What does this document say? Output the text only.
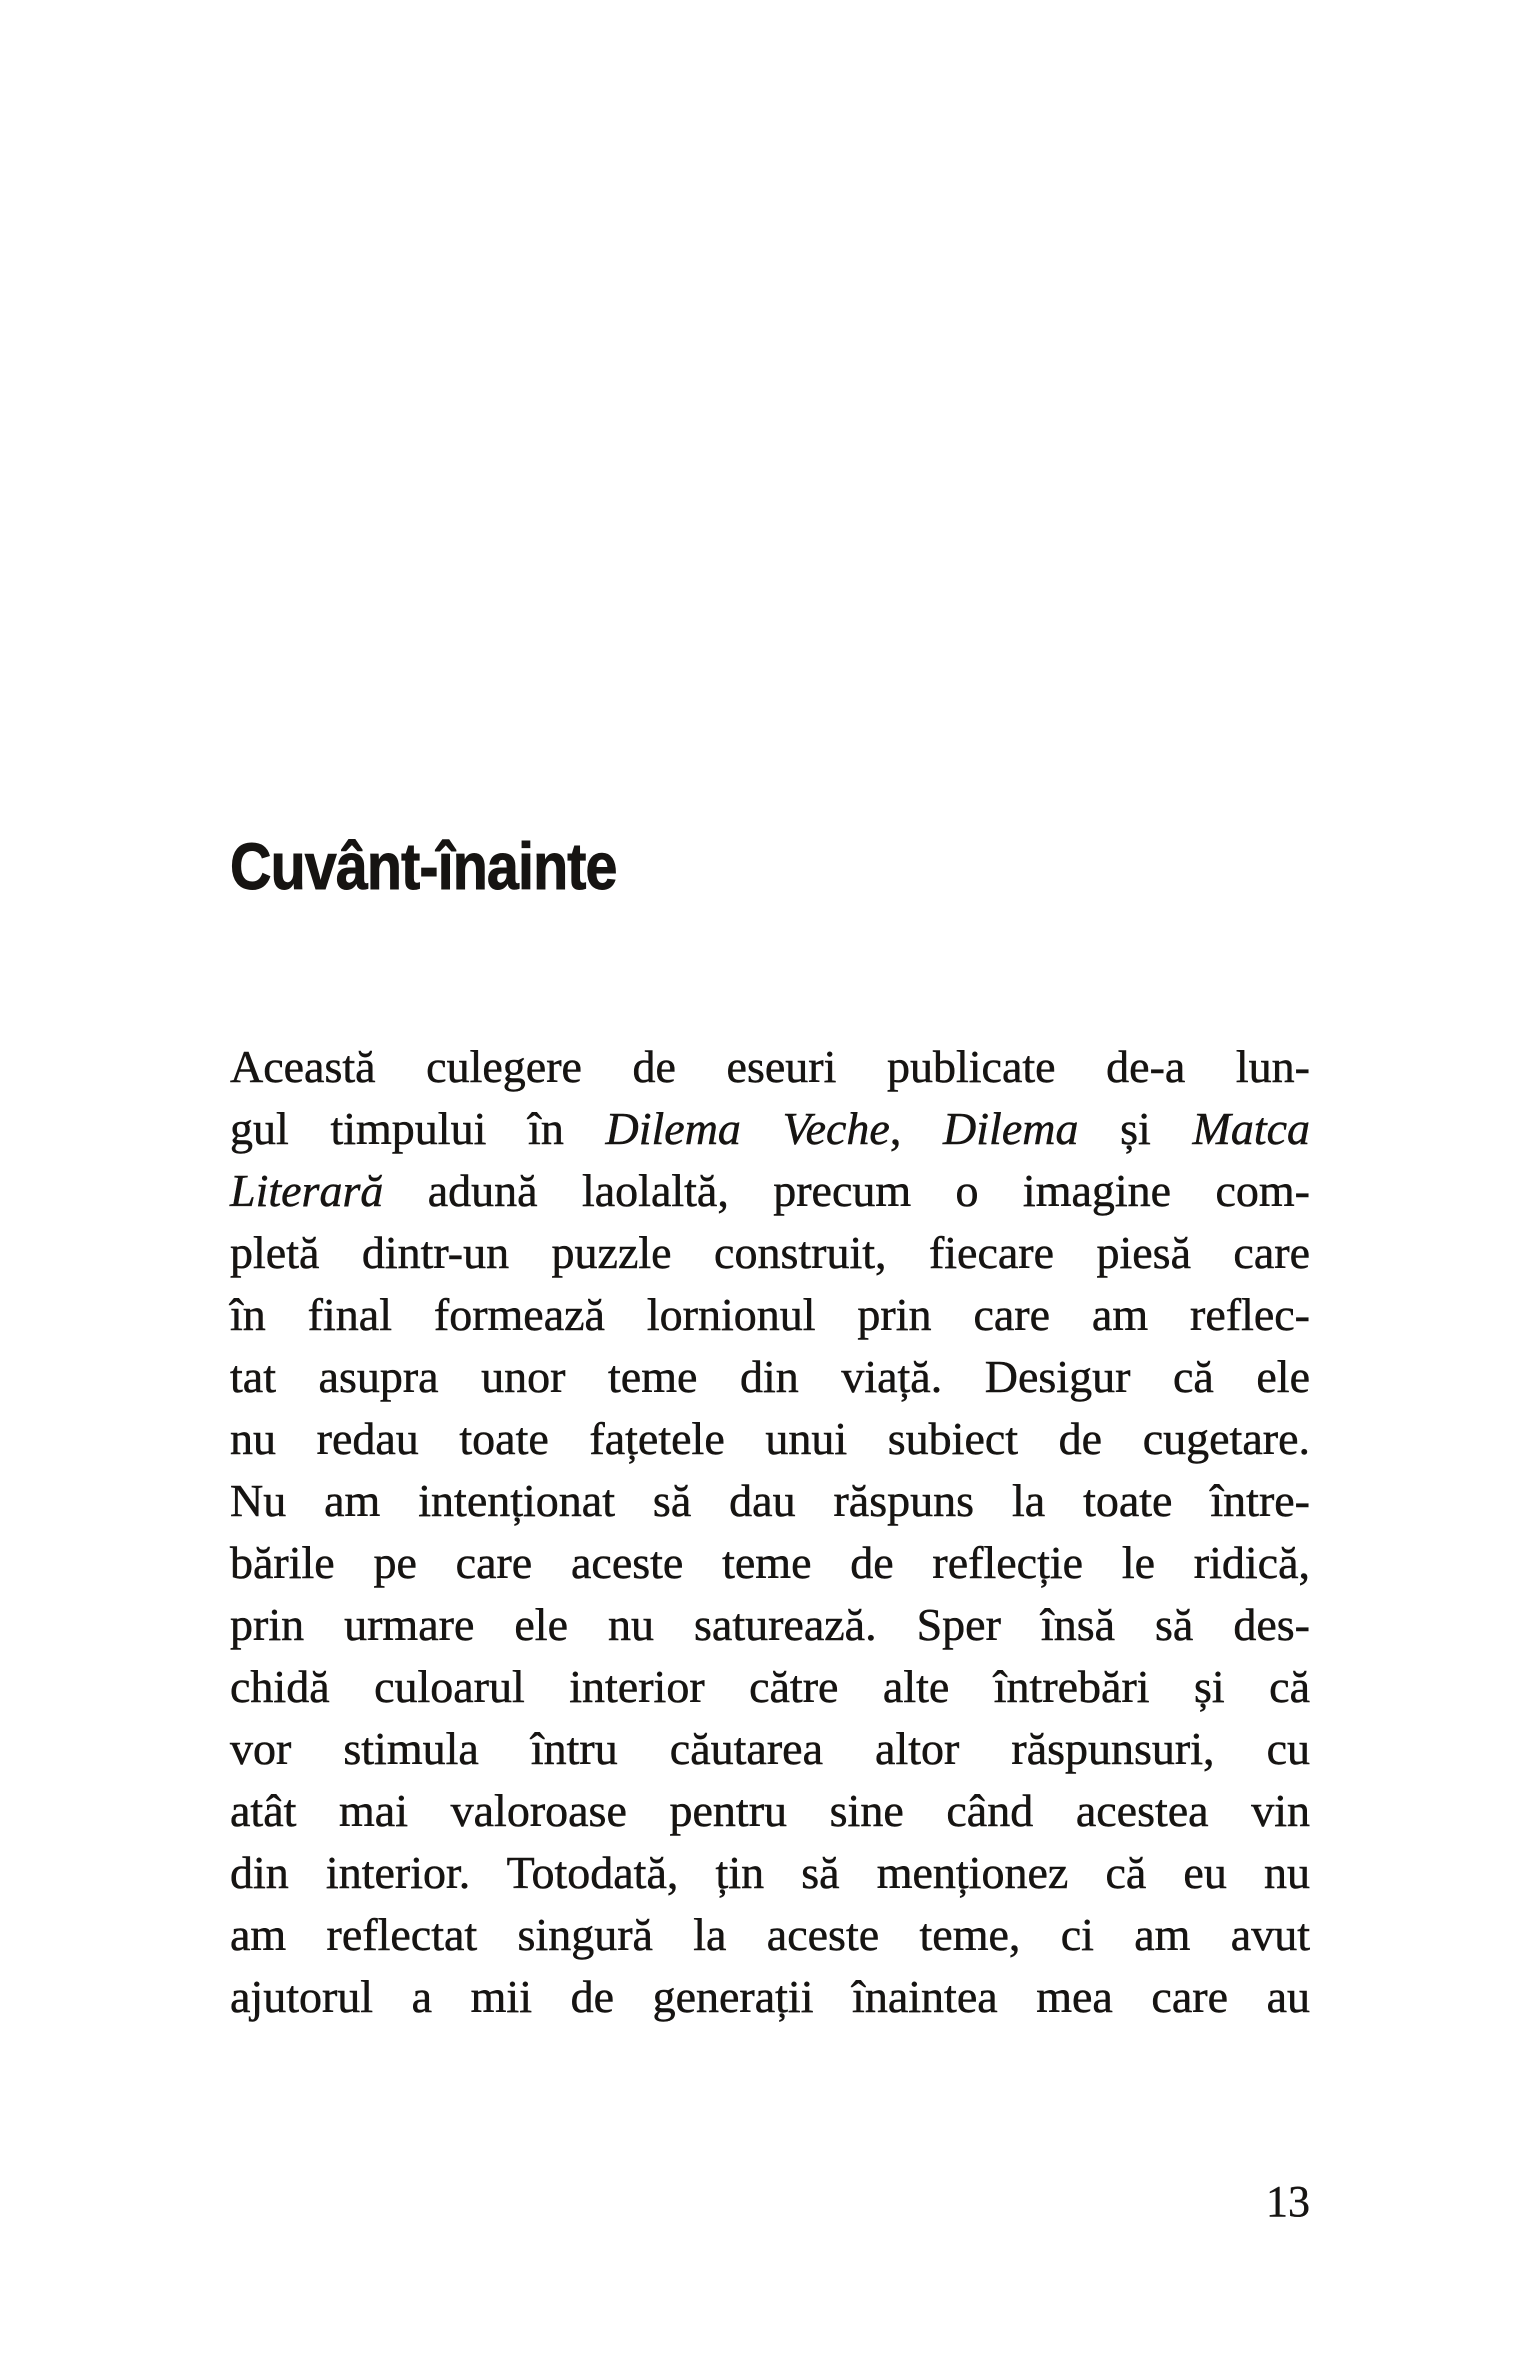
Cuvânt-înainte
Această culegere de eseuri publicate de-a lun-
gul timpului în Dilema Veche, Dilema și Matca
Literară adună laolaltă, precum o imagine com-
pletă dintr-un puzzle construit, fiecare piesă care
în final formează lornionul prin care am reflec-
tat asupra unor teme din viață. Desigur că ele
nu redau toate fațetele unui subiect de cugetare.
Nu am intenționat să dau răspuns la toate între-
bările pe care aceste teme de reflecție le ridică,
prin urmare ele nu saturează. Sper însă să des-
chidă culoarul interior către alte întrebări și că
vor stimula întru căutarea altor răspunsuri, cu
atât mai valoroase pentru sine când acestea vin
din interior. Totodată, țin să menționez că eu nu
am reflectat singură la aceste teme, ci am avut
ajutorul a mii de generații înaintea mea care au
13
